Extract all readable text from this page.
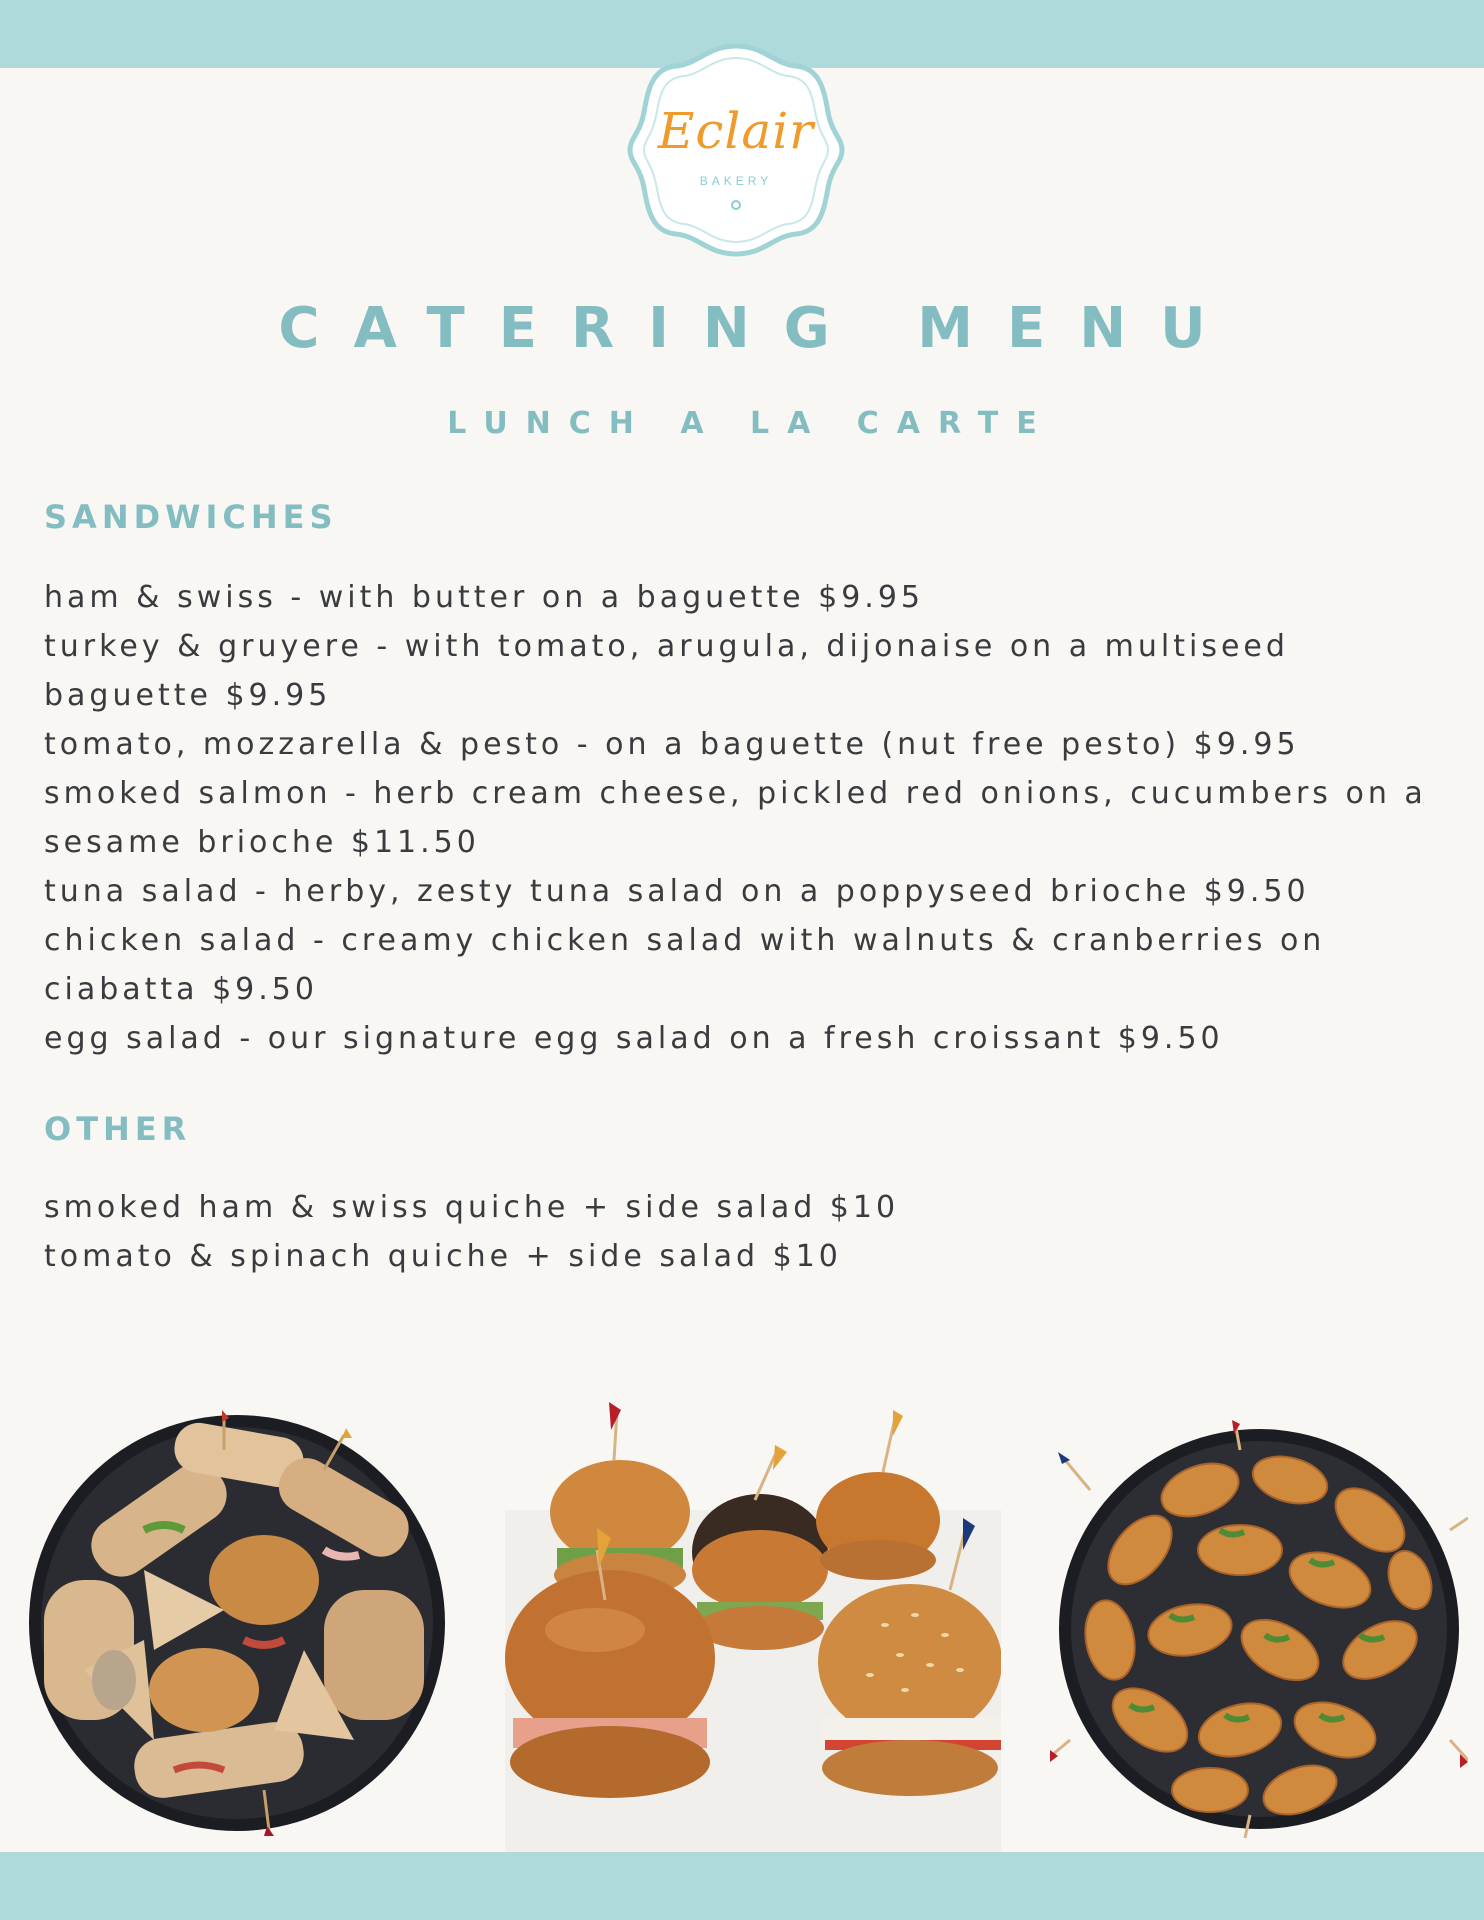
Eclair
BAKERY
CATERING MENU
LUNCH A LA CARTE
SANDWICHES
ham & swiss - with butter on a baguette $9.95
turkey & gruyere - with tomato, arugula, dijonaise on a multiseed baguette $9.95
tomato, mozzarella & pesto - on a baguette (nut free pesto) $9.95
smoked salmon - herb cream cheese, pickled red onions, cucumbers on a sesame brioche $11.50
tuna salad - herby, zesty tuna salad on a poppyseed brioche $9.50
chicken salad - creamy chicken salad with walnuts & cranberries on ciabatta $9.50
egg salad - our signature egg salad on a fresh croissant $9.50
OTHER
smoked ham & swiss quiche + side salad $10
tomato & spinach quiche + side salad $10
